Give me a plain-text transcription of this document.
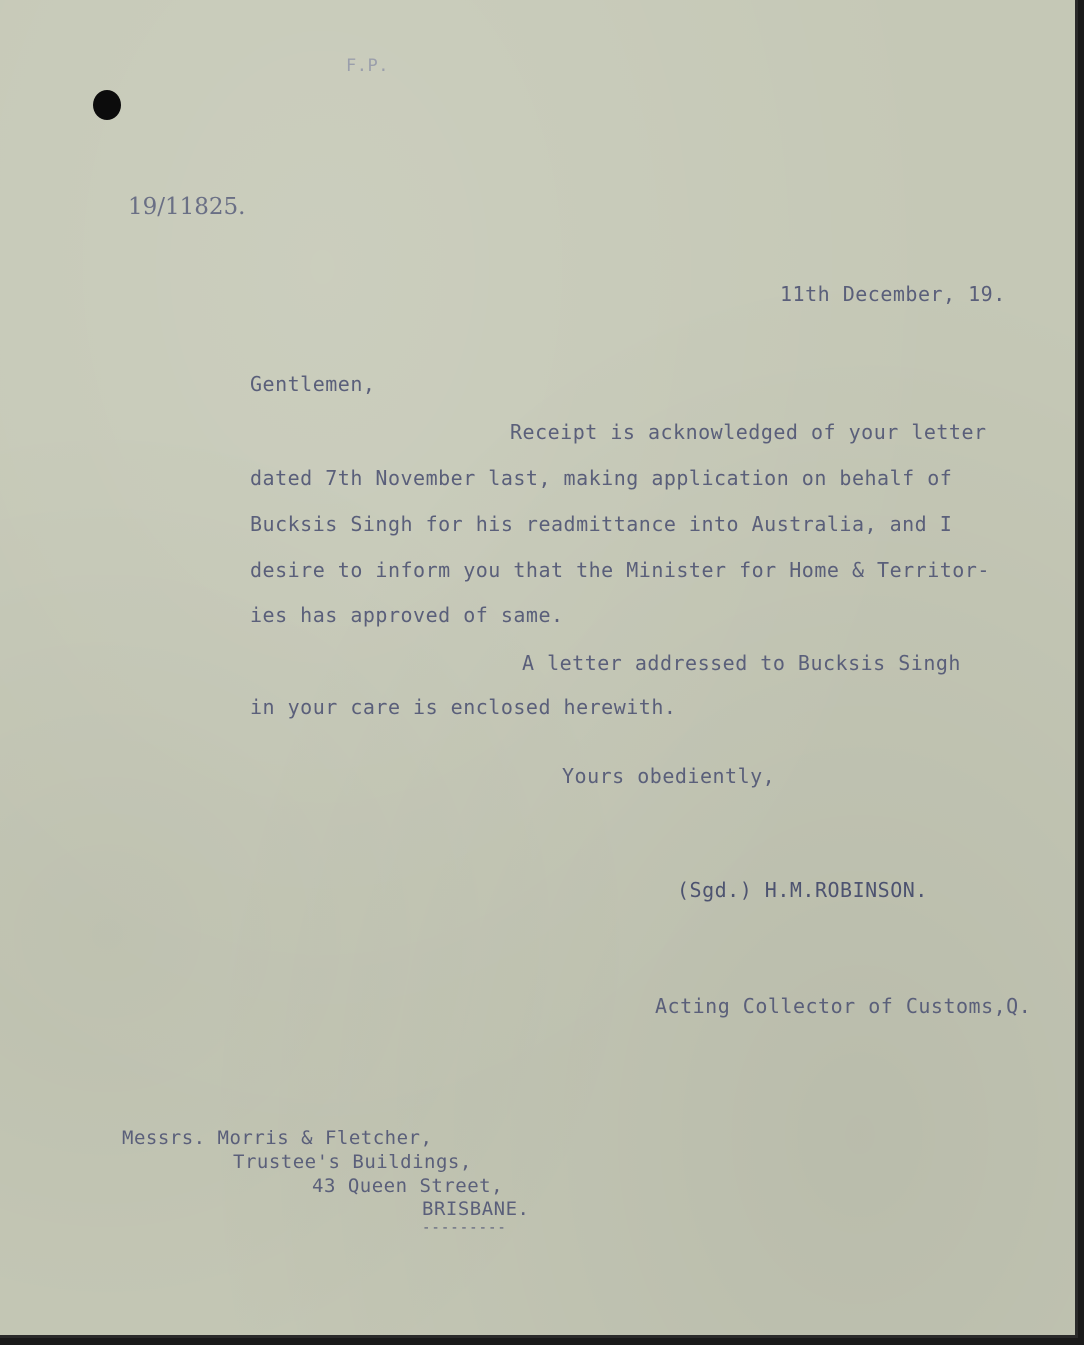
F.P.
19/11825.
11th December, 19.
Gentlemen,
Receipt is acknowledged of your letter
dated 7th November last, making application on behalf of
Bucksis Singh for his readmittance into Australia, and I
desire to inform you that the Minister for Home & Territor-
ies has approved of same.
A letter addressed to Bucksis Singh
in your care is enclosed herewith.
Yours obediently,
(Sgd.) H.M.ROBINSON.
Acting Collector of Customs,Q.
Messrs. Morris & Fletcher,
Trustee's Buildings,
43 Queen Street,
BRISBANE.
---------
